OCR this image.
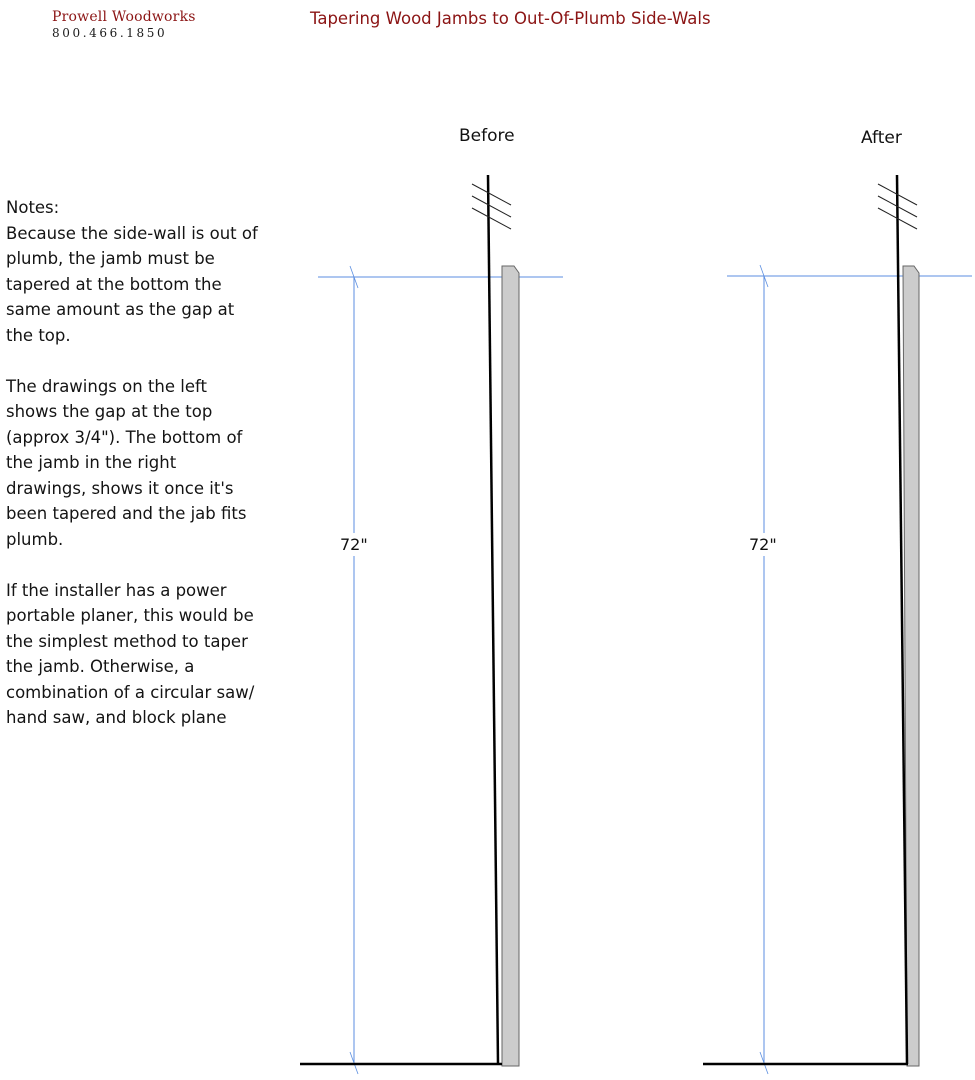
Prowell Woodworks
800.466.1850
Tapering Wood Jambs to Out-Of-Plumb Side-Wals

Notes:

Because the side-wall is out of plumb, the jamb must be tapered at the bottom the same amount as the gap at the top.

The drawings on the left shows the gap at the top (approx 3/4"). The bottom of the jamb in the right drawings, shows it once it's been tapered and the jab fits plumb.

If the installer has a power portable planer, this would be the simplest method to taper the jamb. Otherwise, a combination of a circular saw/ hand saw, and block plane

Before	After
72"	72"
